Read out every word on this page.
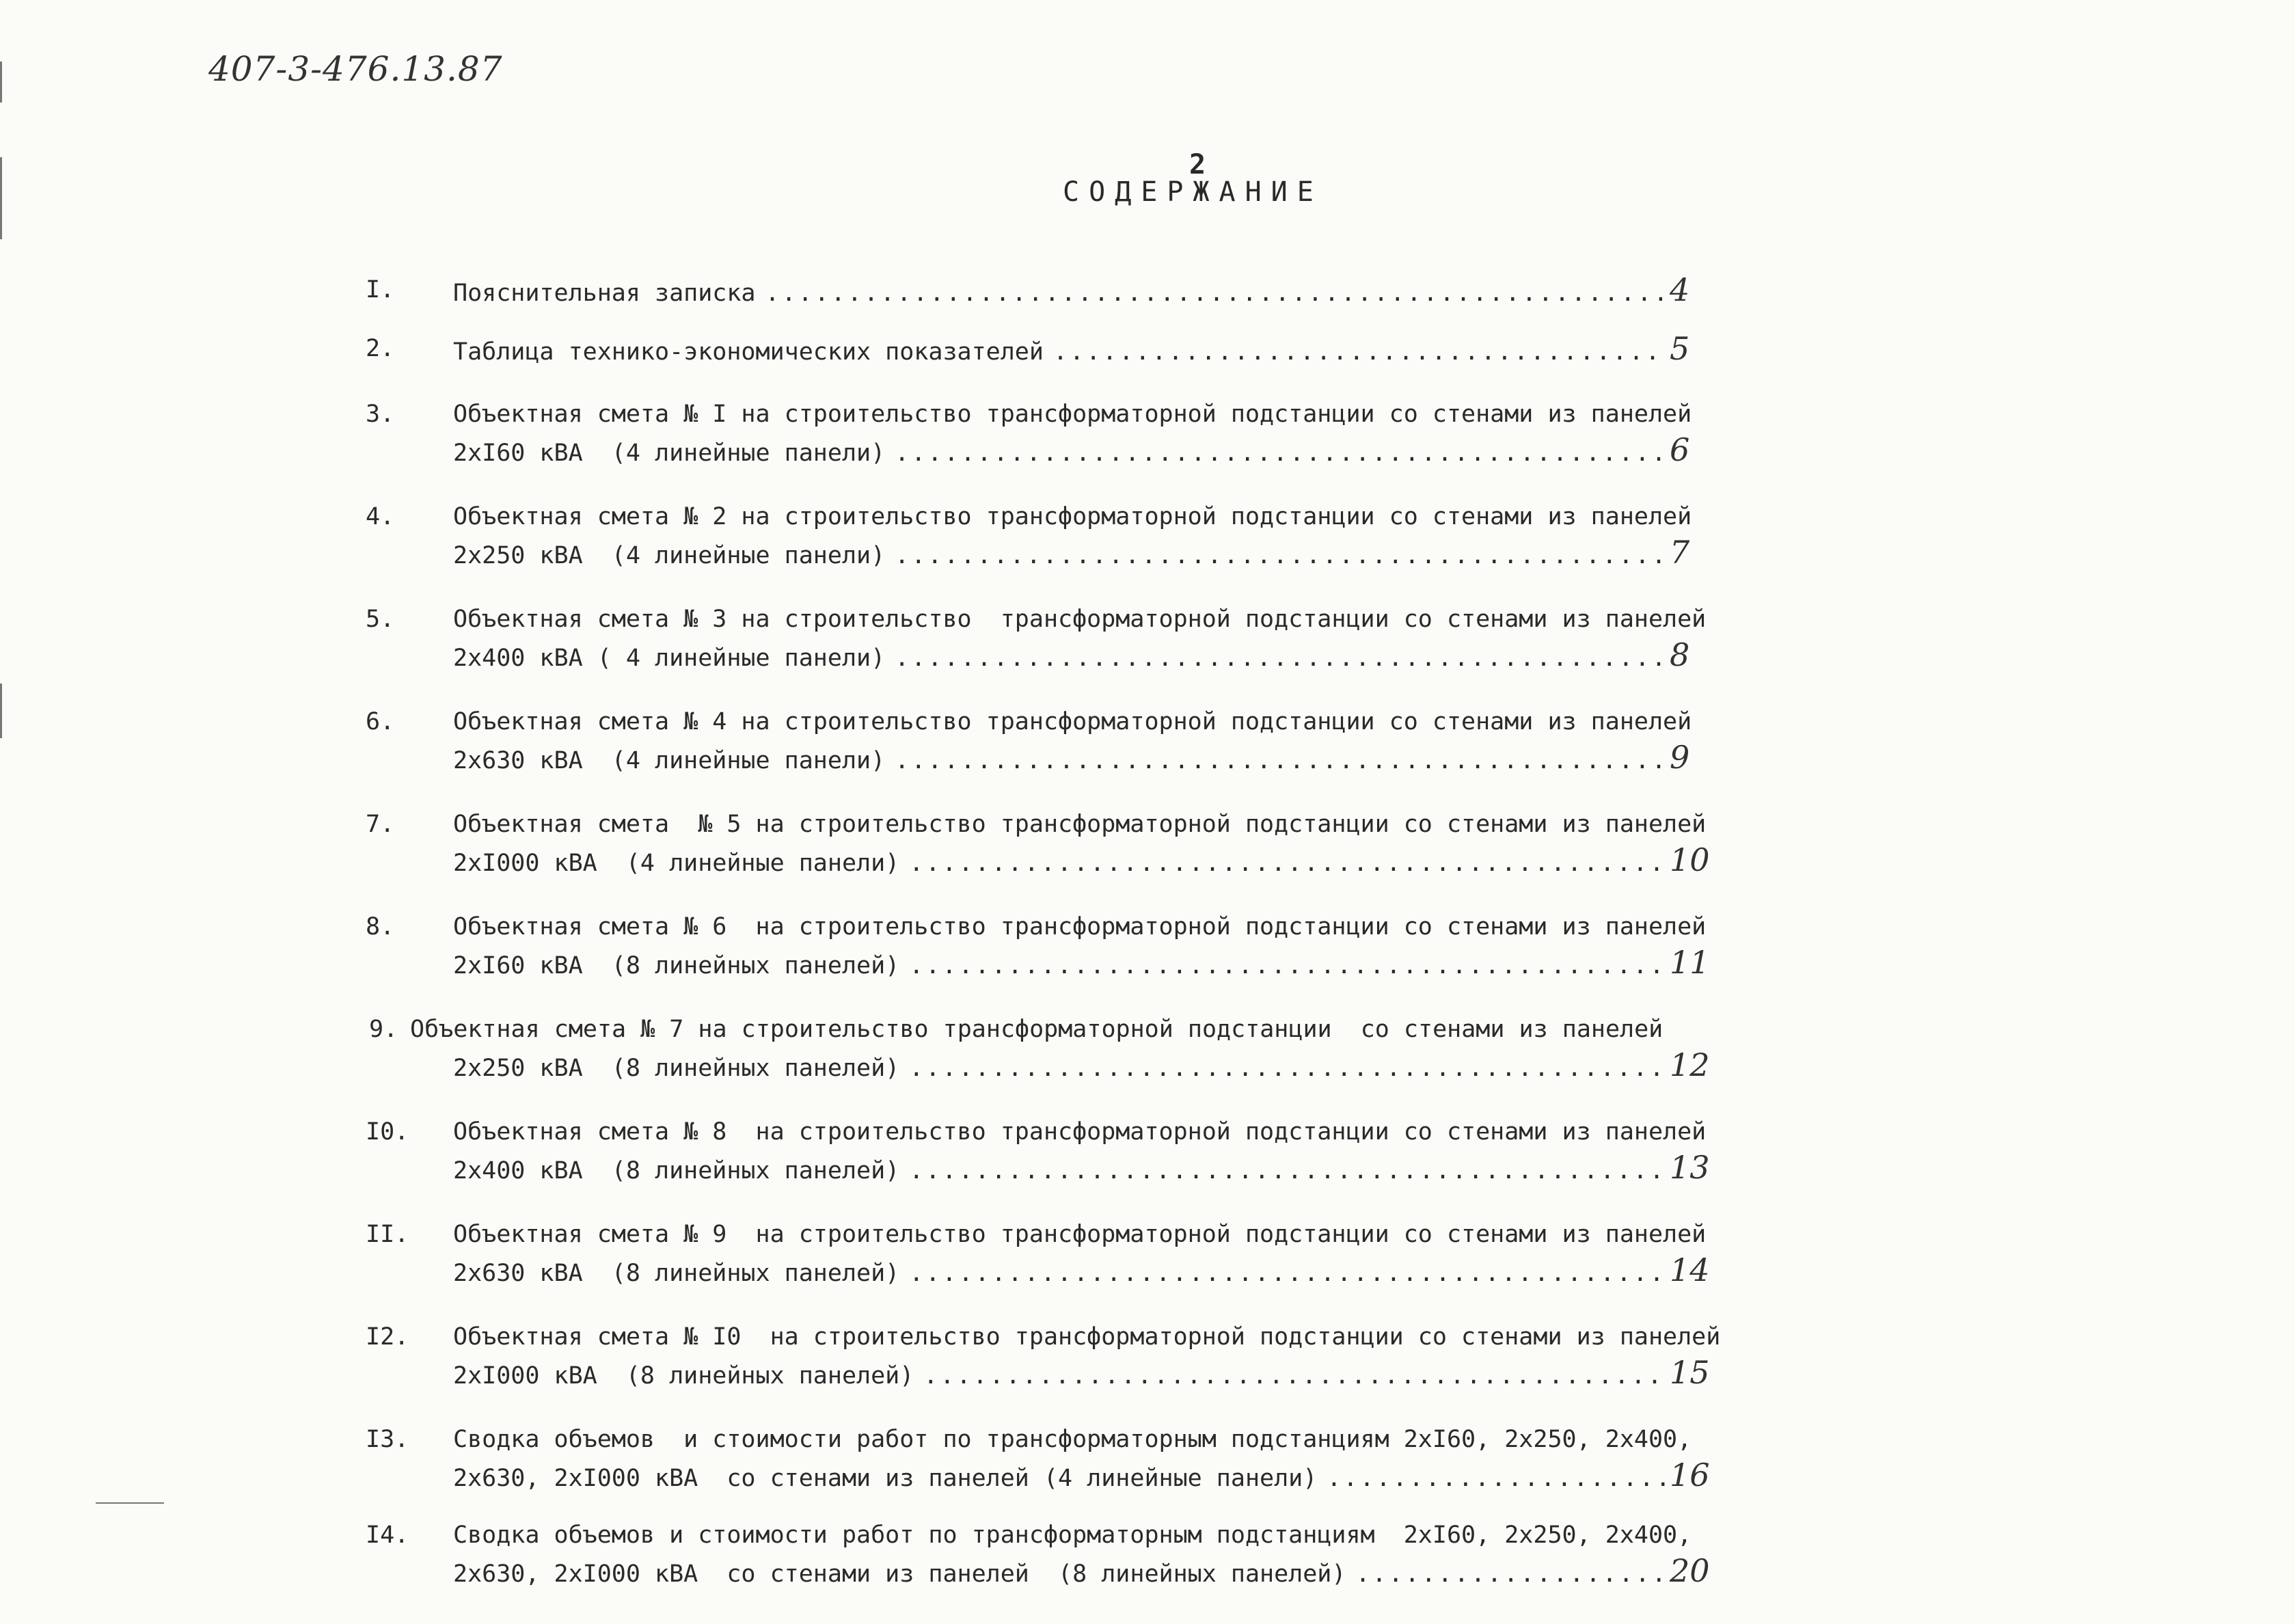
407-3-476.13.87
2
СОДЕРЖАНИЕ
I. Пояснительная записка .....	4
2. Таблица технико-экономических показателей .....	5
3. Объектная смета № I на строительство трансформаторной подстанции со стенами из панелей
2хI60 кВА  (4 линейные панели) .....	6
4. Объектная смета № 2 на строительство трансформаторной подстанции со стенами из панелей
2х250 кВА  (4 линейные панели) .....	7
5. Объектная смета № 3 на строительство  трансформаторной подстанции со стенами из панелей
2х400 кВА ( 4 линейные панели) .....	8
6. Объектная смета № 4 на строительство трансформаторной подстанции со стенами из панелей
2х630 кВА  (4 линейные панели) .....	9
7. Объектная смета  № 5 на строительство трансформаторной подстанции со стенами из панелей
2хI000 кВА  (4 линейные панели) .....	10
8. Объектная смета № 6  на строительство трансформаторной подстанции со стенами из панелей
2хI60 кВА  (8 линейных панелей) .....	11
9. Объектная смета № 7 на строительство трансформаторной подстанции  со стенами из панелей
2х250 кВА  (8 линейных панелей) .....	12
I0. Объектная смета № 8  на строительство трансформаторной подстанции со стенами из панелей
2х400 кВА  (8 линейных панелей) .....	13
II. Объектная смета № 9  на строительство трансформаторной подстанции со стенами из панелей
2х630 кВА  (8 линейных панелей) .....	14
I2. Объектная смета № I0  на строительство трансформаторной подстанции со стенами из панелей
2хI000 кВА  (8 линейных панелей) .....	15
I3. Сводка объемов  и стоимости работ по трансформаторным подстанциям 2хI60, 2х250, 2х400,
2х630, 2хI000 кВА  со стенами из панелей (4 линейные панели) .....	16
I4. Сводка объемов и стоимости работ по трансформаторным подстанциям  2хI60, 2х250, 2х400,
2х630, 2хI000 кВА  со стенами из панелей  (8 линейных панелей) .....	20
